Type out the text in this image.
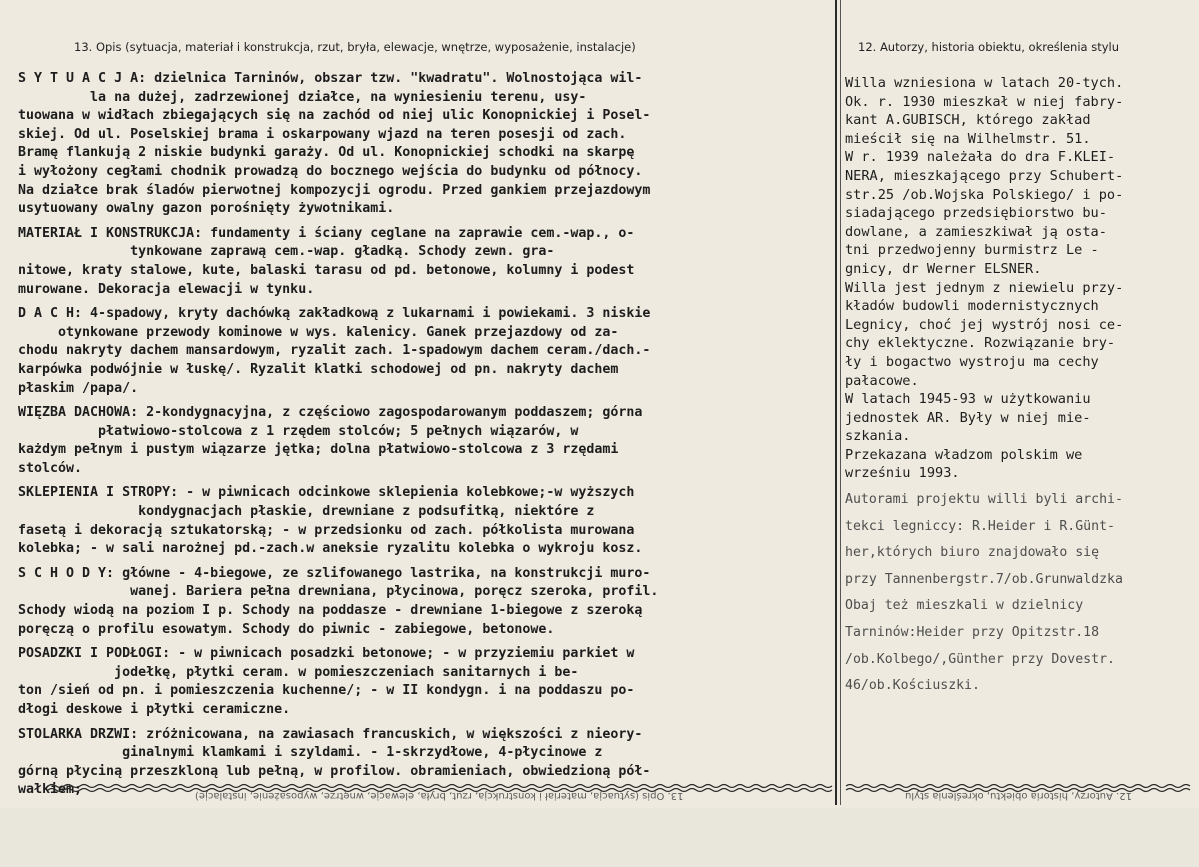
13. Opis (sytuacja, materiał i konstrukcja, rzut, bryła, elewacje, wnętrze, wyposażenie, instalacje)	12. Autorzy, historia obiektu, określenia stylu

S Y T U A C J A: dzielnica Tarninów, obszar tzw. "kwadratu". Wolnostojąca wil-

la na dużej, zadrzewionej działce, na wyniesieniu terenu, usy-

tuowana w widłach zbiegających się na zachód od niej ulic Konopnickiej i Posel-

skiej. Od ul. Poselskiej brama i oskarpowany wjazd na teren posesji od zach.

Bramę flankują 2 niskie budynki garaży. Od ul. Konopnickiej schodki na skarpę

i wyłożony cegłami chodnik prowadzą do bocznego wejścia do budynku od północy.

Na działce brak śladów pierwotnej kompozycji ogrodu. Przed gankiem przejazdowym

usytuowany owalny gazon porośnięty żywotnikami.

MATERIAŁ I KONSTRUKCJA: fundamenty i ściany ceglane na zaprawie cem.-wap., o-

tynkowane zaprawą cem.-wap. gładką. Schody zewn. gra-

nitowe, kraty stalowe, kute, balaski tarasu od pd. betonowe, kolumny i podest

murowane. Dekoracja elewacji w tynku.

D A C H: 4-spadowy, kryty dachówką zakładkową z lukarnami i powiekami. 3 niskie

otynkowane przewody kominowe w wys. kalenicy. Ganek przejazdowy od za-

chodu nakryty dachem mansardowym, ryzalit zach. 1-spadowym dachem ceram./dach.-

karpówka podwójnie w łuskę/. Ryzalit klatki schodowej od pn. nakryty dachem

płaskim /papa/.

WIĘZBA DACHOWA: 2-kondygnacyjna, z częściowo zagospodarowanym poddaszem; górna

płatwiowo-stolcowa z 1 rzędem stolców; 5 pełnych wiązarów, w

każdym pełnym i pustym wiązarze jętka; dolna płatwiowo-stolcowa z 3 rzędami

stolców.

SKLEPIENIA I STROPY: - w piwnicach odcinkowe sklepienia kolebkowe;-w wyższych

kondygnacjach płaskie, drewniane z podsufitką, niektóre z

fasetą i dekoracją sztukatorską; - w przedsionku od zach. półkolista murowana

kolebka; - w sali narożnej pd.-zach.w aneksie ryzalitu kolebka o wykroju kosz.

S C H O D Y: główne - 4-biegowe, ze szlifowanego lastrika, na konstrukcji muro-

wanej. Bariera pełna drewniana, płycinowa, poręcz szeroka, profil.

Schody wiodą na poziom I p. Schody na poddasze - drewniane 1-biegowe z szeroką

poręczą o profilu esowatym. Schody do piwnic - zabiegowe, betonowe.

POSADZKI I PODŁOGI: - w piwnicach posadzki betonowe; - w przyziemiu parkiet w

jodełkę, płytki ceram. w pomieszczeniach sanitarnych i be-

ton /sień od pn. i pomieszczenia kuchenne/; - w II kondygn. i na poddaszu po-

dłogi deskowe i płytki ceramiczne.

STOLARKA DRZWI: zróżnicowana, na zawiasach francuskich, w większości z nieory-

ginalnymi klamkami i szyldami. - 1-skrzydłowe, 4-płycinowe z

górną płyciną przeszkloną lub pełną, w profilow. obramieniach, obwiedzioną pół-

wałkiem;

Willa wzniesiona w latach 20-tych.

Ok. r. 1930 mieszkał w niej fabry-

kant A.GUBISCH, którego zakład

mieścił się na Wilhelmstr. 51.

W r. 1939 należała do dra F.KLEI-

NERA, mieszkającego przy Schubert-

str.25 /ob.Wojska Polskiego/ i po-

siadającego przedsiębiorstwo bu-

dowlane, a zamieszkiwał ją osta-

tni przedwojenny burmistrz Le -

gnicy, dr Werner ELSNER.

Willa jest jednym z niewielu przy-

kładów budowli modernistycznych

Legnicy, choć jej wystrój nosi ce-

chy eklektyczne. Rozwiązanie bry-

ły i bogactwo wystroju ma cechy

pałacowe.

W latach 1945-93 w użytkowaniu

jednostek AR. Były w niej mie-

szkania.

Przekazana władzom polskim we

wrześniu 1993.

Autorami projektu willi byli archi-

tekci legniccy: R.Heider i R.Günt-

her,których biuro znajdowało się

przy Tannenbergstr.7/ob.Grunwaldzka

Obaj też mieszkali w dzielnicy

Tarninów:Heider przy Opitzstr.18

/ob.Kolbego/,Günther przy Dovestr.

46/ob.Kościuszki.

13. Opis (sytuacja, materiał i konstrukcja, rzut, bryła, elewacje, wnętrze, wyposażenie, instalacje)	12. Autorzy, historia obiektu, określenia stylu
